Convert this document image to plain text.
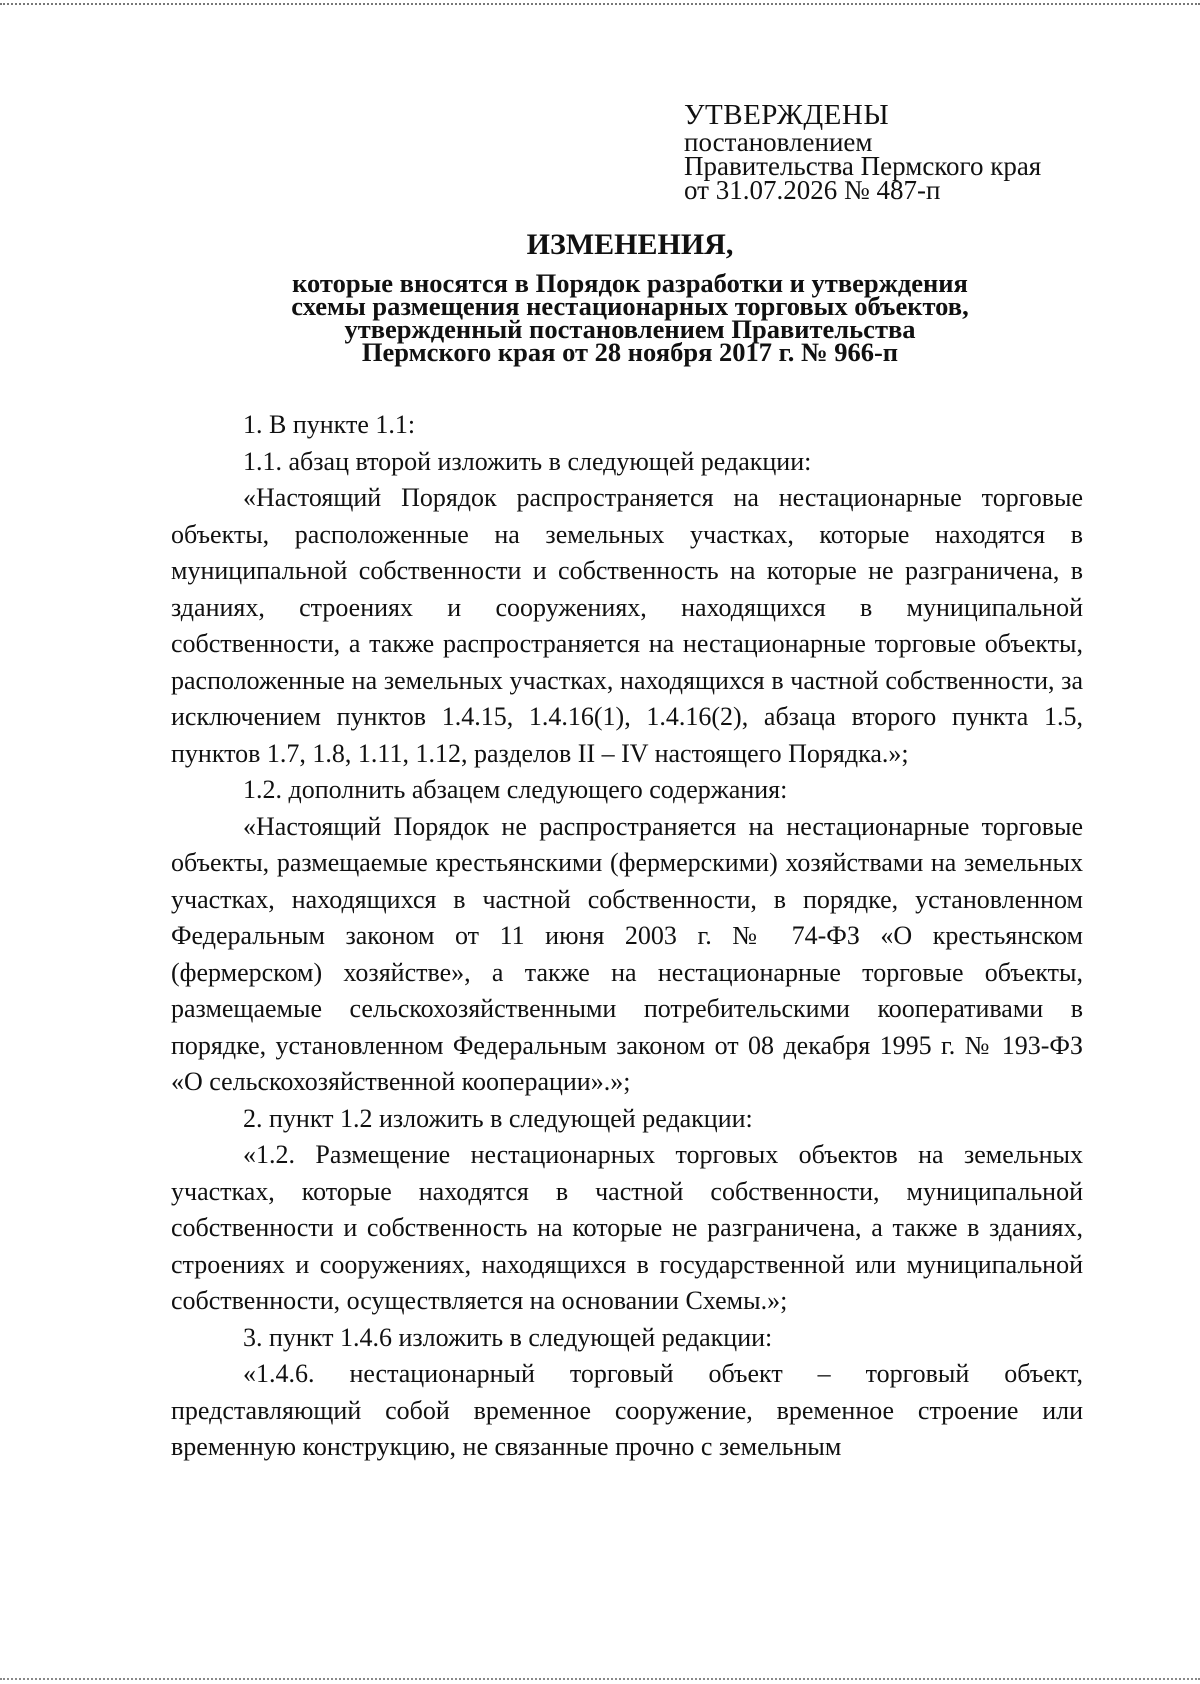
УТВЕРЖДЕНЫ
постановлением
Правительства Пермского края
от 31.07.2026 № 487-п
ИЗМЕНЕНИЯ,
которые вносятся в Порядок разработки и утверждения
схемы размещения нестационарных торговых объектов,
утвержденный постановлением Правительства
Пермского края от 28 ноября 2017 г. № 966-п

1. В пункте 1.1:

1.1. абзац второй изложить в следующей редакции:

«Настоящий Порядок распространяется на нестационарные торговые объекты, расположенные на земельных участках, которые находятся в муниципальной собственности и собственность на которые не разграничена, в зданиях, строениях и сооружениях, находящихся в муниципальной собственности, а также распространяется на нестационарные торговые объекты, расположенные на земельных участках, находящихся в частной собственности, за исключением пунктов 1.4.15, 1.4.16(1), 1.4.16(2), абзаца второго пункта 1.5, пунктов 1.7, 1.8, 1.11, 1.12, разделов II – IV настоящего Порядка.»;

1.2. дополнить абзацем следующего содержания:

«Настоящий Порядок не распространяется на нестационарные торговые объекты, размещаемые крестьянскими (фермерскими) хозяйствами на земельных участках, находящихся в частной собственности, в порядке, установленном Федеральным законом от 11 июня 2003 г. № 74-ФЗ «О крестьянском (фермерском) хозяйстве», а также на нестационарные торговые объекты, размещаемые сельскохозяйственными потребительскими кооперативами в порядке, установленном Федеральным законом от 08 декабря 1995 г. № 193-ФЗ «О сельскохозяйственной кооперации».»;

2. пункт 1.2 изложить в следующей редакции:

«1.2. Размещение нестационарных торговых объектов на земельных участках, которые находятся в частной собственности, муниципальной собственности и собственность на которые не разграничена, а также в зданиях, строениях и сооружениях, находящихся в государственной или муниципальной собственности, осуществляется на основании Схемы.»;

3. пункт 1.4.6 изложить в следующей редакции:

«1.4.6. нестационарный торговый объект – торговый объект, представляющий собой временное сооружение, временное строение или временную конструкцию, не связанные прочно с земельным
